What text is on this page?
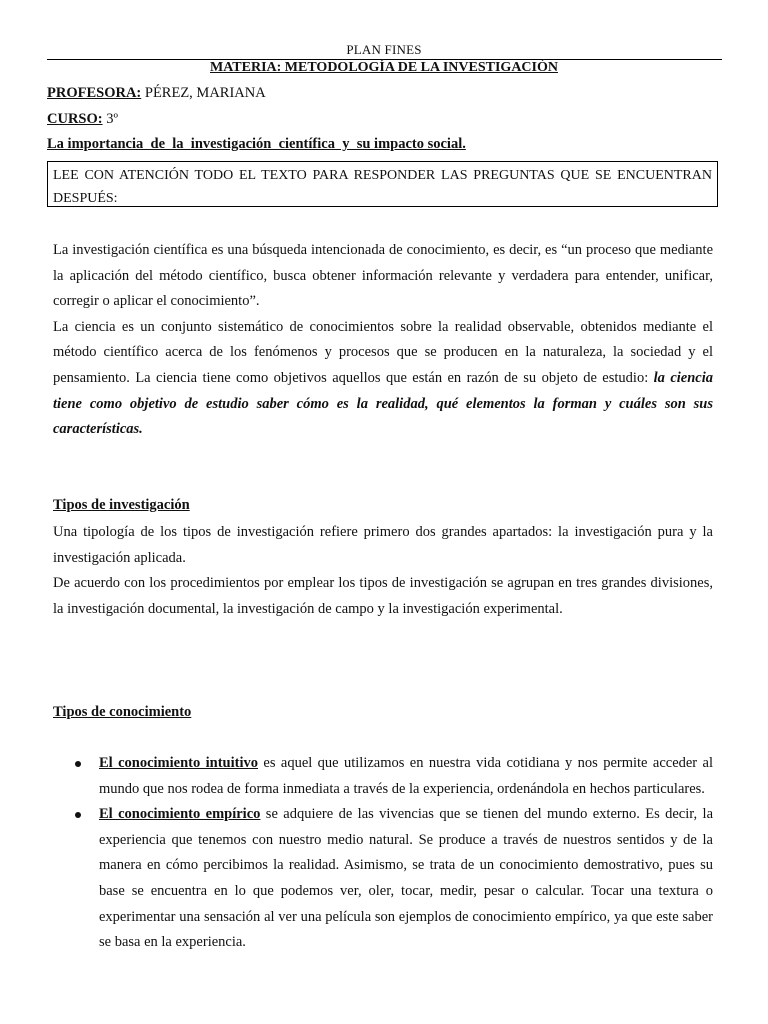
PLAN FINES
MATERIA: METODOLOGÍA DE LA INVESTIGACIÓN
PROFESORA: PÉREZ, MARIANA
CURSO: 3º
La importancia  de  la  investigación  científica  y  su impacto social.
LEE CON ATENCIÓN TODO EL TEXTO PARA RESPONDER LAS PREGUNTAS QUE SE ENCUENTRAN DESPUÉS:

La investigación científica es una búsqueda intencionada de conocimiento, es decir, es “un proceso que mediante la aplicación del método científico, busca obtener información relevante y verdadera para entender, unificar, corregir o aplicar el conocimiento”.

La ciencia es un conjunto sistemático de conocimientos sobre la realidad observable, obtenidos mediante el método científico acerca de los fenómenos y procesos que se producen en la naturaleza, la sociedad y el pensamiento. La ciencia tiene como objetivos aquellos que están en razón de su objeto de estudio: la ciencia tiene como objetivo de estudio saber cómo es la realidad, qué elementos la forman y cuáles son sus características.

Tipos de investigación

Una tipología de los tipos de investigación refiere primero dos grandes apartados: la investigación pura y la investigación aplicada.

De acuerdo con los procedimientos por emplear los tipos de investigación se agrupan en tres grandes divisiones, la investigación documental, la investigación de campo y la investigación experimental.

Tipos de conocimiento
El conocimiento intuitivo es aquel que utilizamos en nuestra vida cotidiana y nos permite acceder al mundo que nos rodea de forma inmediata a través de la experiencia, ordenándola en hechos particulares.
El conocimiento empírico se adquiere de las vivencias que se tienen del mundo externo. Es decir, la experiencia que tenemos con nuestro medio natural. Se produce a través de nuestros sentidos y de la manera en cómo percibimos la realidad. Asimismo, se trata de un conocimiento demostrativo, pues su base se encuentra en lo que podemos ver, oler, tocar, medir, pesar o calcular. Tocar una textura o experimentar una sensación al ver una película son ejemplos de conocimiento empírico, ya que este saber se basa en la experiencia.
